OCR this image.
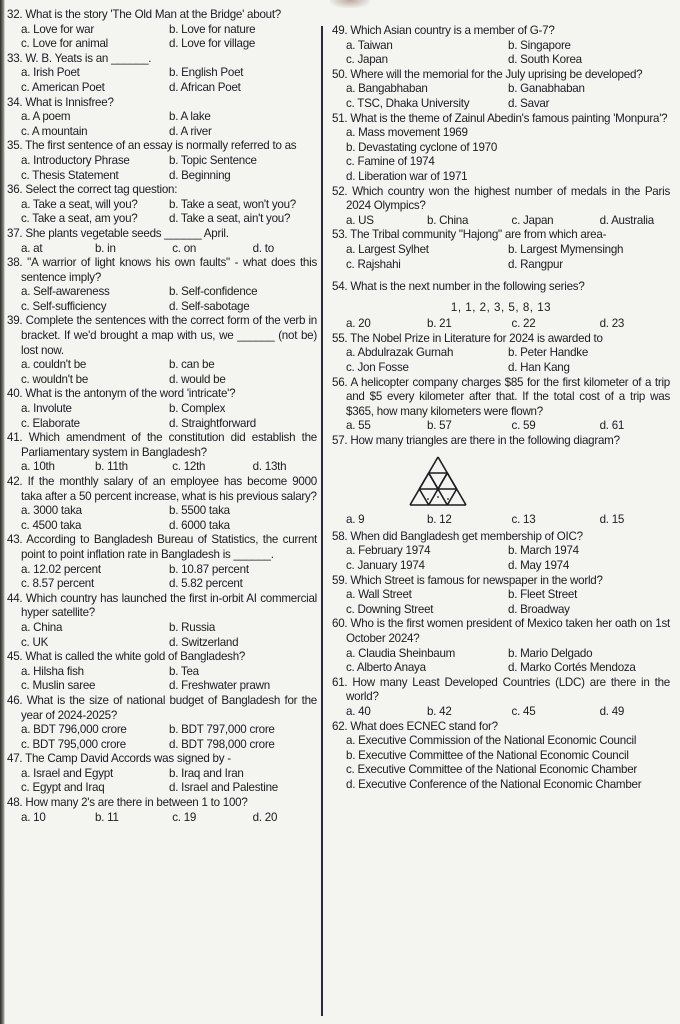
32. What is the story 'The Old Man at the Bridge' about?
a. Love for war	b. Love for nature
c. Love for animal	d. Love for village
33. W. B. Yeats is an ______.
a. Irish Poet	b. English Poet
c. American Poet	d. African Poet
34. What is Innisfree?
a. A poem	b. A lake
c. A mountain	d. A river
35. The first sentence of an essay is normally referred to as
a. Introductory Phrase	b. Topic Sentence
c. Thesis Statement	d. Beginning
36. Select the correct tag question:
a. Take a seat, will you?	b. Take a seat, won't you?
c. Take a seat, am you?	d. Take a seat, ain't you?
37. She plants vegetable seeds ______ April.
a. at	b. in	c. on	d. to
38. "A warrior of light knows his own faults" - what does this sentence imply?
a. Self-awareness	b. Self-confidence
c. Self-sufficiency	d. Self-sabotage
39. Complete the sentences with the correct form of the verb in bracket. If we'd brought a map with us, we ______ (not be) lost now.
a. couldn't be	b. can be
c. wouldn't be	d. would be
40. What is the antonym of the word 'intricate'?
a. Involute	b. Complex
c. Elaborate	d. Straightforward
41. Which amendment of the constitution did establish the Parliamentary system in Bangladesh?
a. 10th	b. 11th	c. 12th	d. 13th
42. If the monthly salary of an employee has become 9000 taka after a 50 percent increase, what is his previous salary?
a. 3000 taka	b. 5500 taka
c. 4500 taka	d. 6000 taka
43. According to Bangladesh Bureau of Statistics, the current point to point inflation rate in Bangladesh is ______.
a. 12.02 percent	b. 10.87 percent
c. 8.57 percent	d. 5.82 percent
44. Which country has launched the first in-orbit AI commercial hyper satellite?
a. China	b. Russia
c. UK	d. Switzerland
45. What is called the white gold of Bangladesh?
a. Hilsha fish	b. Tea
c. Muslin saree	d. Freshwater prawn
46. What is the size of national budget of Bangladesh for the year of 2024-2025?
a. BDT 796,000 crore	b. BDT 797,000 crore
c. BDT 795,000 crore	d. BDT 798,000 crore
47. The Camp David Accords was signed by -
a. Israel and Egypt	b. Iraq and Iran
c. Egypt and Iraq	d. Israel and Palestine
48. How many 2's are there in between 1 to 100?
a. 10	b. 11	c. 19	d. 20
49. Which Asian country is a member of G-7?
a. Taiwan	b. Singapore
c. Japan	d. South Korea
50. Where will the memorial for the July uprising be developed?
a. Bangabhaban	b. Ganabhaban
c. TSC, Dhaka University	d. Savar
51. What is the theme of Zainul Abedin's famous painting 'Monpura'?
a. Mass movement 1969
b. Devastating cyclone of 1970
c. Famine of 1974
d. Liberation war of 1971
52. Which country won the highest number of medals in the Paris 2024 Olympics?
a. US	b. China	c. Japan	d. Australia
53. The Tribal community "Hajong" are from which area-
a. Largest Sylhet	b. Largest Mymensingh
c. Rajshahi	d. Rangpur
54. What is the next number in the following series?
1, 1, 2, 3, 5, 8, 13
a. 20	b. 21	c. 22	d. 23
55. The Nobel Prize in Literature for 2024 is awarded to
a. Abdulrazak Gurnah	b. Peter Handke
c. Jon Fosse	d. Han Kang
56. A helicopter company charges $85 for the first kilometer of a trip and $5 every kilometer after that. If the total cost of a trip was $365, how many kilometers were flown?
a. 55	b. 57	c. 59	d. 61
57. How many triangles are there in the following diagram?
a. 9	b. 12	c. 13	d. 15
58. When did Bangladesh get membership of OIC?
a. February 1974	b. March 1974
c. January 1974	d. May 1974
59. Which Street is famous for newspaper in the world?
a. Wall Street	b. Fleet Street
c. Downing Street	d. Broadway
60. Who is the first women president of Mexico taken her oath on 1st October 2024?
a. Claudia Sheinbaum	b. Mario Delgado
c. Alberto Anaya	d. Marko Cortés Mendoza
61. How many Least Developed Countries (LDC) are there in the world?
a. 40	b. 42	c. 45	d. 49
62. What does ECNEC stand for?
a. Executive Commission of the National Economic Council
b. Executive Committee of the National Economic Council
c. Executive Committee of the National Economic Chamber
d. Executive Conference of the National Economic Chamber
